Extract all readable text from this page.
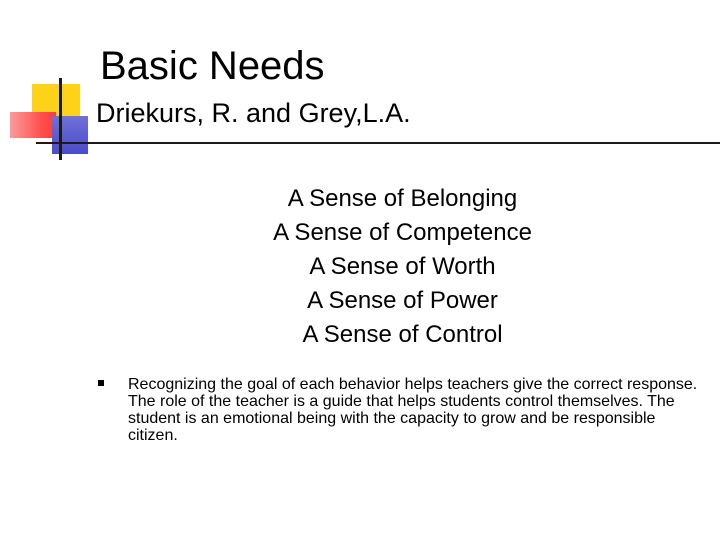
Basic Needs
Driekurs, R. and Grey,L.A.
A Sense of Belonging
A Sense of Competence
A Sense of Worth
A Sense of Power
A Sense of Control

Recognizing the goal of each behavior helps teachers give the correct response. The role of the teacher is a guide that helps students control themselves. The student is an emotional being with the capacity to grow and be responsible citizen.
